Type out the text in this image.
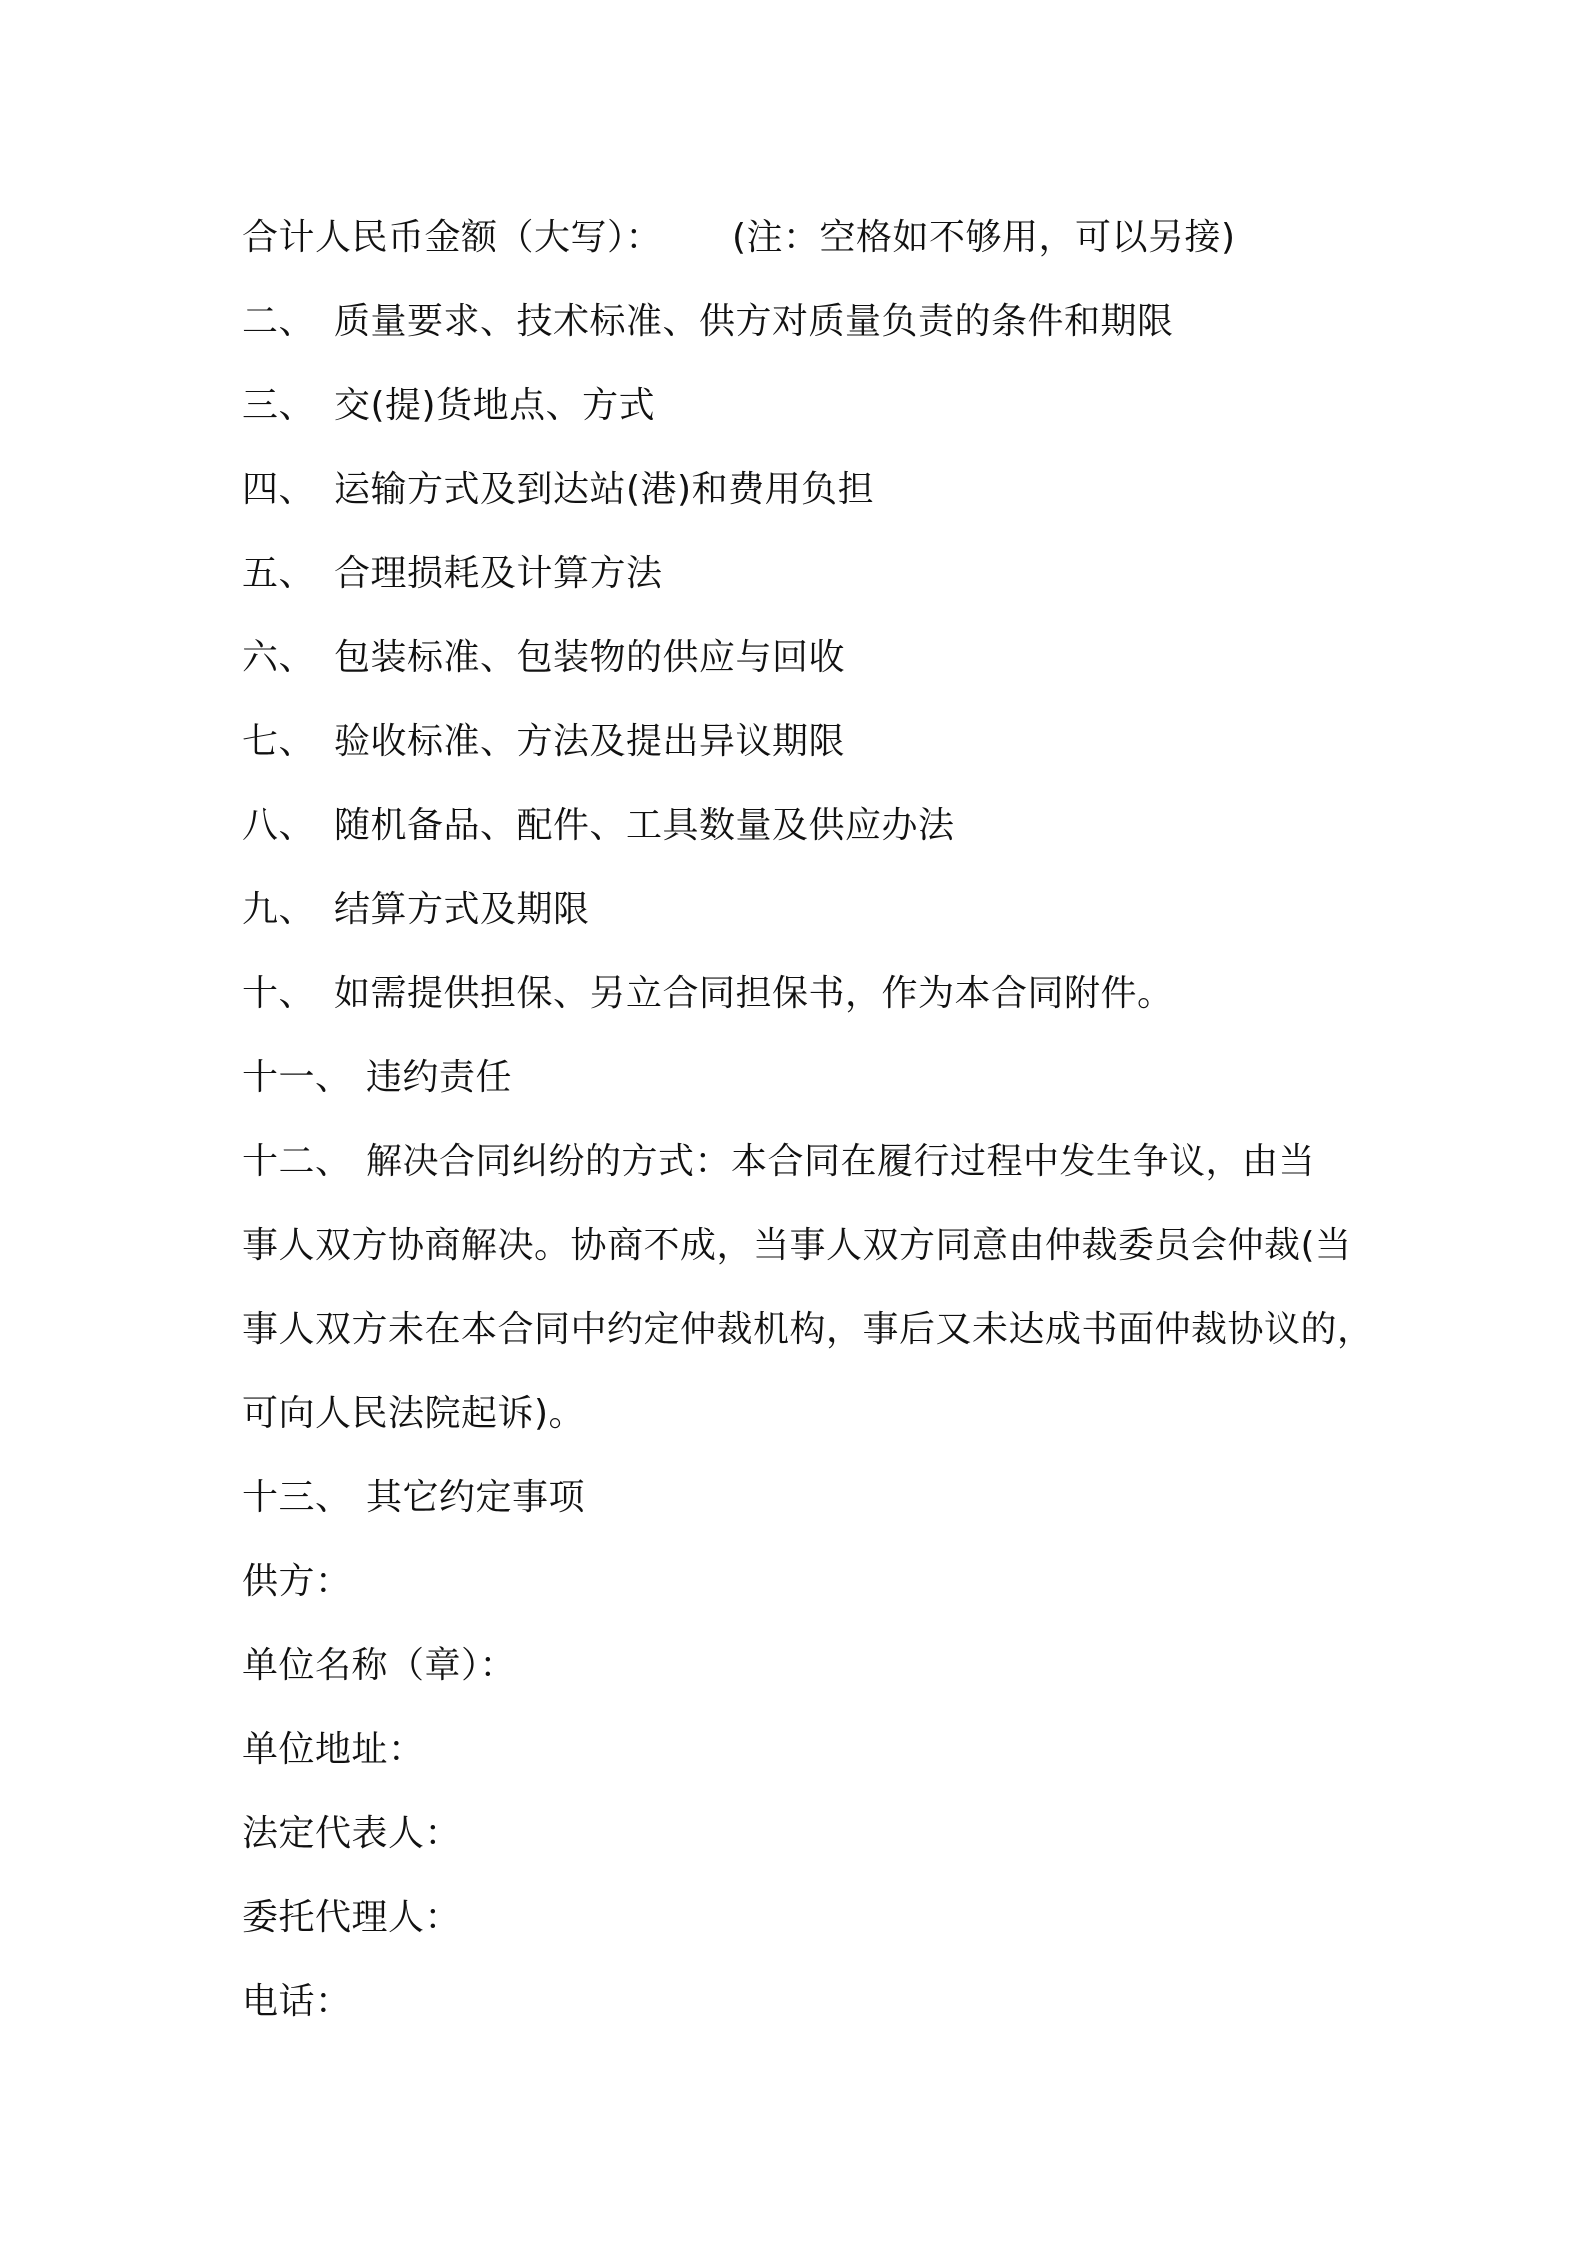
合计人民币金额（大写）： (注：空格如不够用，可以另接)
二、 质量要求、技术标准、供方对质量负责的条件和期限
三、 交(提)货地点、方式
四、 运输方式及到达站(港)和费用负担
五、 合理损耗及计算方法
六、 包装标准、包装物的供应与回收
七、 验收标准、方法及提出异议期限
八、 随机备品、配件、工具数量及供应办法
九、 结算方式及期限
十、 如需提供担保、另立合同担保书，作为本合同附件。
十一、 违约责任
十二、 解决合同纠纷的方式：本合同在履行过程中发生争议，由当
事人双方协商解决。协商不成，当事人双方同意由仲裁委员会仲裁(当
事人双方未在本合同中约定仲裁机构，事后又未达成书面仲裁协议的，
可向人民法院起诉)。
十三、 其它约定事项
供方：
单位名称（章）：
单位地址：
法定代表人：
委托代理人：
电话：
